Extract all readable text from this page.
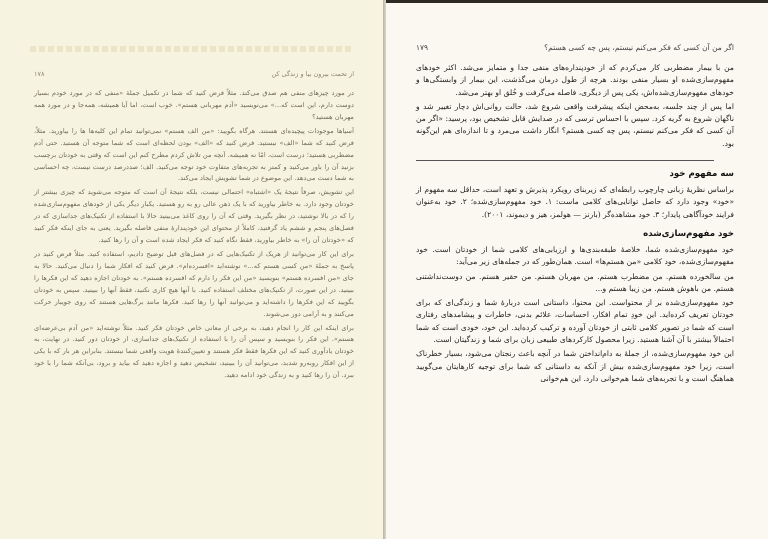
از تحمت بیرون بیا و زندگی کن
۱۷۸

در مورد چیزهای منفی هم صدق می‌کند. مثلاً فرض کنید که شما در تکمیل جملهٔ «منفی که در مورد خودم بسیار دوست دارم، این است که...» می‌نویسید «آدم مهربانی هستم». خوب است، اما آیا همیشه، همه‌جا و در مورد همه مهربان هستید؟

آسیاها موجودات پیچیده‌ای هستند. هرگاه بگویید: «من الف هستم» نمی‌توانید تمام این کلیه‌ها ها را بیاورید. مثلاً، فرض کنید که شما «الف» نیستید. فرض کنید که «الف» بودن لحظه‌ای است که شما متوجه آن هستید. حتی آدم مضطربی هستید؛ درست است، امّا نه همیشه. آنچه من تلاش کردم مطرح کنم این است که وقتی به خودتان برچسب بزنید آن را باور می‌کنید و کمتر به تجربه‌های متفاوت خود توجه می‌کنید. الف؛ صددرصد درست نیست، چه احساسی به شما دست می‌دهد. این موضوع در شما تشویش ایجاد می‌کند.

این تشویش، صرفاً نتیجهٔ یک «اشتباه» احتمالی نیست، بلکه نتیجهٔ آن است که متوجه می‌شوید که چیزی بیشتر از خودتان وجود دارد. به خاطر بیاورید که با یک ذهن عالی رو به رو هستید. یکبار دیگر یکی از خودهای مفهوم‌سازی‌شده را که در بالا نوشتید، در نظر بگیرید. وقتی که آن را روی کاغذ می‌بینید حالا با استفاده از تکنیک‌های جداسازی که در فصل‌های پنجم و ششم یاد گرفتید، کاملاً از محتوای این خودپندارهٔ منفی فاصله بگیرید. یعنی به جای اینکه فکر کنید که «خودتان آن را» به خاطر بیاورید، فقط نگاه کنید که فکر ایجاد شده است و آن را رها کنید.

برای این کار می‌توانید از هریک از تکنیک‌هایی که در فصل‌های قبل توضیح دادیم، استفاده کنید. مثلاً فرض کنید در پاسخ به جملهٔ «من کسی هستم که...» نوشته‌اید «افسرده‌ام». فرض کنید که افکار شما را دنبال می‌کنید. حالا به جای «من افسرده هستم» بنویسید «من این فکر را دارم که افسرده هستم». به خودتان اجازه دهید که این فکرها را ببینید. در این صورت، از تکنیک‌های مختلف استفاده کنید. با آنها هیچ کاری نکنید، فقط آنها را ببینید. سپس به خودتان بگویید که این فکرها را داشته‌اید و می‌توانید آنها را رها کنید. فکرها مانند برگ‌هایی هستند که روی جویبار حرکت می‌کنند و به آرامی دور می‌شوند.

برای اینکه این کار را انجام دهید، به برخی از معانی خاص خودتان فکر کنید. مثلاً نوشته‌اید «من آدم بی‌عرضه‌ای هستم». این فکر را بنویسید و سپس آن را با استفاده از تکنیک‌های جداسازی، از خودتان دور کنید. در نهایت، به خودتان یادآوری کنید که این فکرها فقط فکر هستند و تعیین‌کنندهٔ هویت واقعی شما نیستند. بنابراین هر بار که با یکی از این افکار روبه‌رو شدید، می‌توانید آن را ببینید، تشخیص دهید و اجازه دهید که بیاید و برود، بی‌آنکه شما را با خود ببرد. آن را رها کنید و به زندگی خود ادامه دهید.

اگر من آن کسی که فکر می‌کنم نیستم، پس چه کسی هستم؟
۱۷۹

من با بیمار مضطربی کار می‌کردم که از خودپنداره‌های منفی جدا و متمایز می‌شد. اکثر خودهای مفهوم‌سازی‌شده او بسیار منفی بودند. هرچه از طول درمان می‌گذشت، این بیمار از وابستگی‌ها و خودهای مفهوم‌سازی‌شده‌اش، یکی پس از دیگری، فاصله می‌گرفت و خُلق او بهتر می‌شد.

اما پس از چند جلسه، به‌محض اینکه پیشرفت واقعی شروع شد، حالت روانی‌اش دچار تغییر شد و ناگهان شروع به گریه کرد. سپس با احساس ترسی که در صدایش قابل تشخیص بود، پرسید: «اگر من آن کسی که فکر می‌کنم نیستم، پس چه کسی هستم؟ انگار داشت می‌مرد و تا اندازه‌ای هم این‌گونه بود.

سه مفهوم خود

براساس نظریهٔ زبانی چارچوب رابطه‌ای که زیربنای رویکرد پذیرش و تعهد است، حداقل سه مفهوم از «خود» وجود دارد که حاصل توانایی‌های کلامی ماست: ۱. خود مفهوم‌سازی‌شده؛ ۲. خود به‌عنوان فرایند خودآگاهی پایدار؛ ۳. خود مشاهده‌گر (بارنز — هولمز، هیز و دیموند، ۲۰۰۱).

خود مفهوم‌سازی‌شده

خود مفهوم‌سازی‌شده شما، خلاصهٔ طبقه‌بندی‌ها و ارزیابی‌های کلامی شما از خودتان است. خود مفهوم‌سازی‌شده، خود کلامی «من هستم‌ها» است. همان‌طور که در جمله‌های زیر می‌آید:

من سالخورده هستم. من مضطرب هستم. من مهربان هستم. من حقیر هستم. من دوست‌نداشتنی هستم. من باهوش هستم. من زیبا هستم و...

خود مفهوم‌سازی‌شده بر از محتواست. این محتوا، داستانی است دربارهٔ شما و زندگی‌ای که برای خودتان تعریف کرده‌اید. این خودِ تمام افکار، احساسات، علائم بدنی، خاطرات و پیشامدهای رفتاری است که شما در تصویر کلامی ثابتی از خودتان آورده و ترکیب کرده‌اید. این خود، خودی است که شما احتمالاً بیشتر با آن آشنا هستید. زیرا محصول کارکردهای طبیعی زبان برای شما و زندگیتان است.

این خود مفهوم‌سازی‌شده، از جملهٔ به دام‌انداختن شما در آنچه باعث رنجتان می‌شود، بسیار خطرناک است، زیرا خود مفهوم‌سازی‌شده بیش از آنکه به داستانی که شما برای توجیه کارهایتان می‌گویید هماهنگ است و با تجربه‌های شما هم‌خوانی دارد. این هم‌خوانی
